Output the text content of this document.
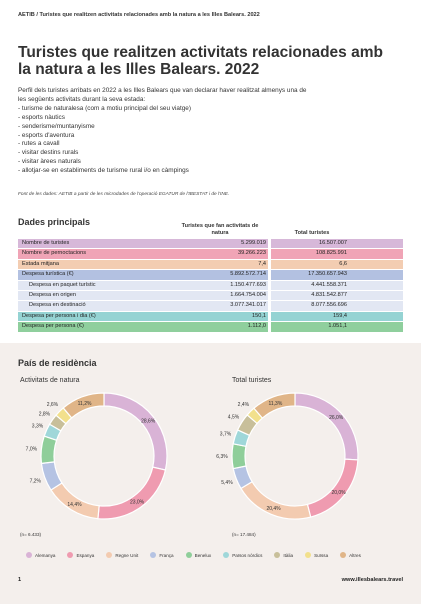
AETIB / Turistes que realitzen activitats relacionades amb la natura a les Illes Balears. 2022
Turistes que realitzen activitats relacionades amb la natura a les Illes Balears. 2022
Perfil dels turistes arribats en 2022 a les Illes Balears que van declarar haver realitzat almenys una de
les següents activitats durant la seva estada:
- turisme de naturalesa (com a motiu principal del seu viatge)
- esports nàutics
- senderisme/muntanyisme
- esports d'aventura
- rutes a cavall
- visitar destins rurals
- visitar àrees naturals
- allotjar-se en establiments de turisme rural i/o en càmpings
Font de les dades: AETIB a partir de les microdades de l'operació EGATUR de l'IBESTAT i de l'INE.
Dades principals	Turistes que fan activitats de natura	Total turistes
Nombre de turistes	5.299.019	16.507.007
Nombre de pernoctacions	39.266.223	108.825.991
Estada mitjana	7,4	6,6
Despesa turística (€)	5.892.572.714	17.350.657.943
Despesa en paquet turístic	1.150.477.693	4.441.558.371
Despesa en origen	1.664.754.004	4.831.542.877
Despesa en destinació	3.077.341.017	8.077.556.696
Despesa per persona i dia (€)	150,1	159,4
Despesa per persona (€)	1.112,0	1.051,1
País de residència
Activitats de natura	Total turistes
28,6%
23,0%
14,4%
7,2%
7,0%
3,3%
2,8%
2,6%	11,2%
26,0%
20,0%
20,4%
5,4%
6,3%
3,7%
4,5%
2,4%	11,3%
(n= 6.433)	(n= 17.484)
Alemanya	Espanya	Regne Unit	França	Benelux	Països nòrdics	Itàlia	Suïssa	Altres
1	www.illesbalears.travel
